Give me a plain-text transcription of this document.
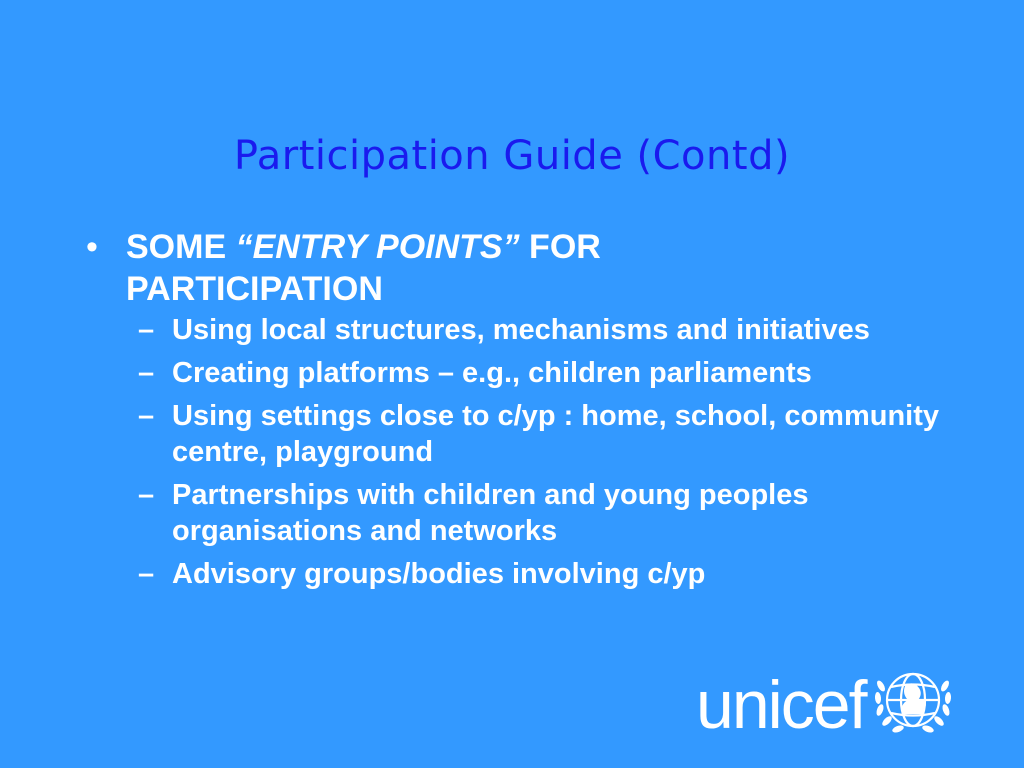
Participation Guide (Contd)
• SOME “ENTRY POINTS” FOR PARTICIPATION
– Using local structures, mechanisms and initiatives
– Creating platforms – e.g., children parliaments
– Using settings close to c/yp : home, school, community centre, playground
– Partnerships with children and young peoples organisations and networks
– Advisory groups/bodies involving c/yp
unicef
